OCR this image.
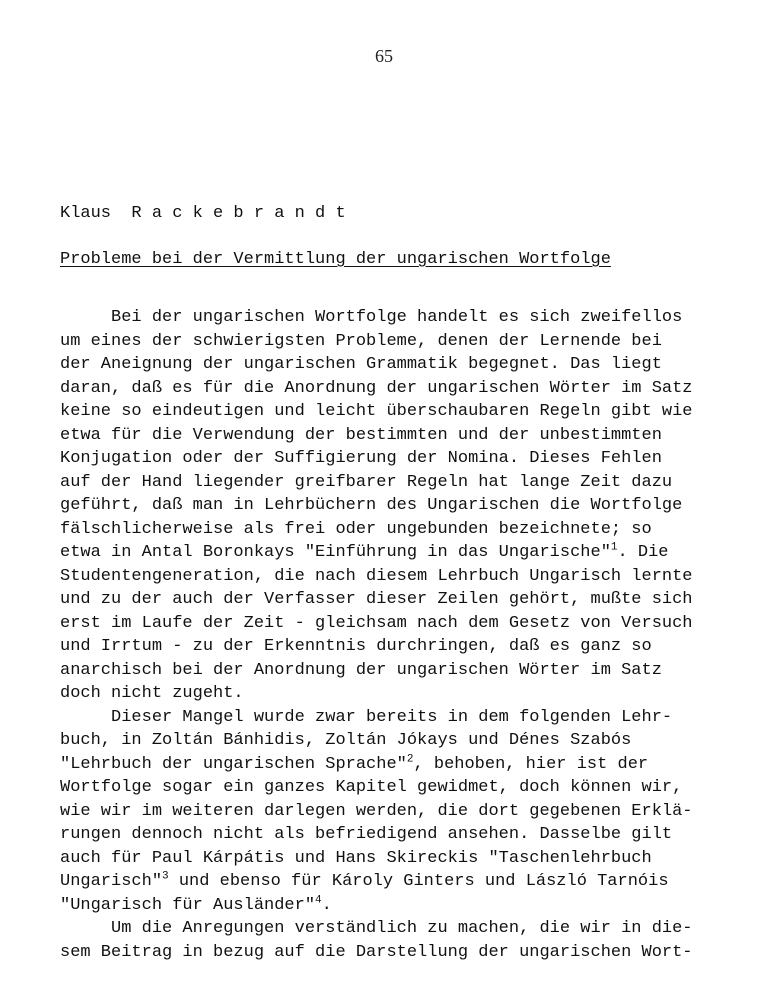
65
Klaus  R a c k e b r a n d t
Probleme bei der Vermittlung der ungarischen Wortfolge
Bei der ungarischen Wortfolge handelt es sich zweifellos
um eines der schwierigsten Probleme, denen der Lernende bei
der Aneignung der ungarischen Grammatik begegnet. Das liegt
daran, daß es für die Anordnung der ungarischen Wörter im Satz
keine so eindeutigen und leicht überschaubaren Regeln gibt wie
etwa für die Verwendung der bestimmten und der unbestimmten
Konjugation oder der Suffigierung der Nomina. Dieses Fehlen
auf der Hand liegender greifbarer Regeln hat lange Zeit dazu
geführt, daß man in Lehrbüchern des Ungarischen die Wortfolge
fälschlicherweise als frei oder ungebunden bezeichnete; so
etwa in Antal Boronkays "Einführung in das Ungarische"$^1$. Die
Studentengeneration, die nach diesem Lehrbuch Ungarisch lernte
und zu der auch der Verfasser dieser Zeilen gehört, mußte sich
erst im Laufe der Zeit - gleichsam nach dem Gesetz von Versuch
und Irrtum - zu der Erkenntnis durchringen, daß es ganz so
anarchisch bei der Anordnung der ungarischen Wörter im Satz
doch nicht zugeht.
Dieser Mangel wurde zwar bereits in dem folgenden Lehr-
buch, in Zoltán Bánhidis, Zoltán Jókays und Dénes Szabós
"Lehrbuch der ungarischen Sprache"$^2$, behoben, hier ist der
Wortfolge sogar ein ganzes Kapitel gewidmet, doch können wir,
wie wir im weiteren darlegen werden, die dort gegebenen Erklä-
rungen dennoch nicht als befriedigend ansehen. Dasselbe gilt
auch für Paul Kárpátis und Hans Skireckis "Taschenlehrbuch
Ungarisch"$^3$ und ebenso für Károly Ginters und László Tarnóis
"Ungarisch für Ausländer"$^4$.
Um die Anregungen verständlich zu machen, die wir in die-
sem Beitrag in bezug auf die Darstellung der ungarischen Wort-
